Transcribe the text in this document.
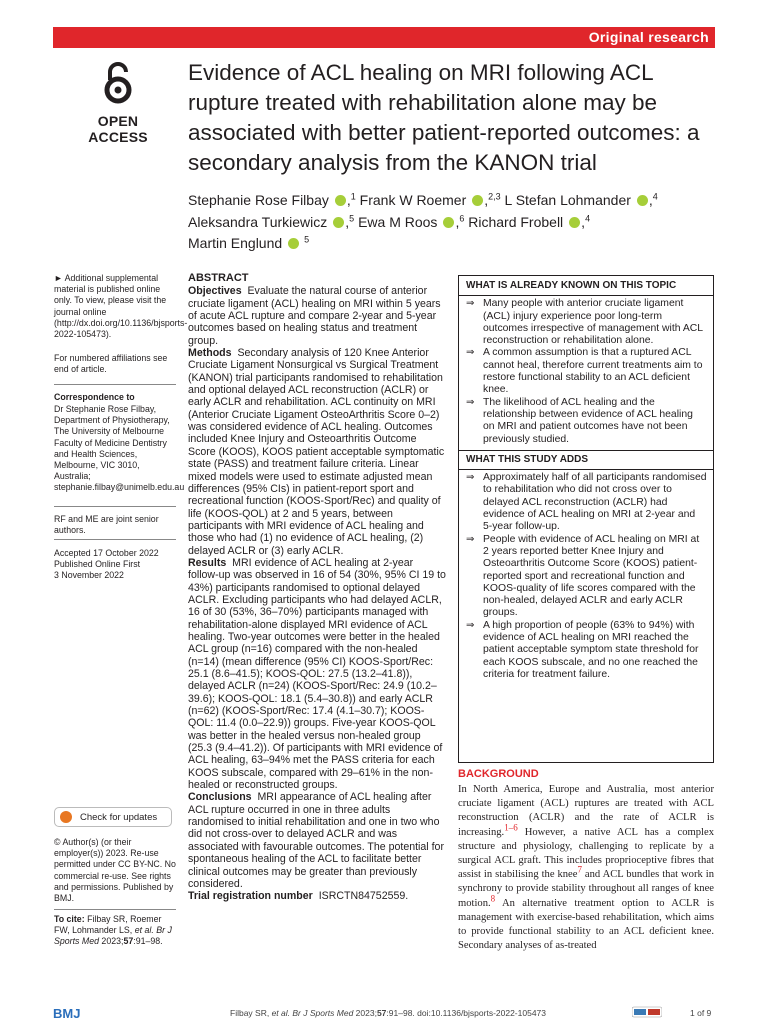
Original research
OPEN ACCESS
Evidence of ACL healing on MRI following ACL rupture treated with rehabilitation alone may be associated with better patient-reported outcomes: a secondary analysis from the KANON trial
Stephanie Rose Filbay ,$^1$ Frank W Roemer ,$^{2,3}$ L Stefan Lohmander ,$^4$
Aleksandra Turkiewicz ,$^5$ Ewa M Roos ,$^6$ Richard Frobell ,$^4$
Martin Englund $^5$
► Additional supplemental material is published online only. To view, please visit the journal online (http://dx.doi.org/10.1136/bjsports-2022-105473).
For numbered affiliations see end of article.
Correspondence to
Dr Stephanie Rose Filbay, Department of Physiotherapy, The University of Melbourne Faculty of Medicine Dentistry and Health Sciences, Melbourne, VIC 3010, Australia; stephanie.filbay@unimelb.edu.au
RF and ME are joint senior authors.
Accepted 17 October 2022
Published Online First
3 November 2022
Check for updates
© Author(s) (or their employer(s)) 2023. Re-use permitted under CC BY-NC. No commercial re-use. See rights and permissions. Published by BMJ.
To cite: Filbay SR, Roemer FW, Lohmander LS, et al. Br J Sports Med 2023;57:91–98.
ABSTRACT

Objectives Evaluate the natural course of anterior cruciate ligament (ACL) healing on MRI within 5 years of acute ACL rupture and compare 2-year and 5-year outcomes based on healing status and treatment group.

Methods Secondary analysis of 120 Knee Anterior Cruciate Ligament Nonsurgical vs Surgical Treatment (KANON) trial participants randomised to rehabilitation and optional delayed ACL reconstruction (ACLR) or early ACLR and rehabilitation. ACL continuity on MRI (Anterior Cruciate Ligament OsteoArthritis Score 0–2) was considered evidence of ACL healing. Outcomes included Knee Injury and Osteoarthritis Outcome Score (KOOS), KOOS patient acceptable symptomatic state (PASS) and treatment failure criteria. Linear mixed models were used to estimate adjusted mean differences (95% CIs) in patient-report sport and recreational function (KOOS-Sport/Rec) and quality of life (KOOS-QOL) at 2 and 5 years, between participants with MRI evidence of ACL healing and those who had (1) no evidence of ACL healing, (2) delayed ACLR or (3) early ACLR.

Results MRI evidence of ACL healing at 2-year follow-up was observed in 16 of 54 (30%, 95% CI 19 to 43%) participants randomised to optional delayed ACLR. Excluding participants who had delayed ACLR, 16 of 30 (53%, 36–70%) participants managed with rehabilitation-alone displayed MRI evidence of ACL healing. Two-year outcomes were better in the healed ACL group (n=16) compared with the non-healed (n=14) (mean difference (95% CI) KOOS-Sport/Rec: 25.1 (8.6–41.5); KOOS-QOL: 27.5 (13.2–41.8)), delayed ACLR (n=24) (KOOS-Sport/Rec: 24.9 (10.2–39.6); KOOS-QOL: 18.1 (5.4–30.8)) and early ACLR (n=62) (KOOS-Sport/Rec: 17.4 (4.1–30.7); KOOS-QOL: 11.4 (0.0–22.9)) groups. Five-year KOOS-QOL was better in the healed versus non-healed group (25.3 (9.4–41.2)). Of participants with MRI evidence of ACL healing, 63–94% met the PASS criteria for each KOOS subscale, compared with 29–61% in the non-healed or reconstructed groups.

Conclusions MRI appearance of ACL healing after ACL rupture occurred in one in three adults randomised to initial rehabilitation and one in two who did not cross-over to delayed ACLR and was associated with favourable outcomes. The potential for spontaneous healing of the ACL to facilitate better clinical outcomes may be greater than previously considered.

Trial registration number ISRCTN84752559.

WHAT IS ALREADY KNOWN ON THIS TOPIC
⇒ Many people with anterior cruciate ligament (ACL) injury experience poor long-term outcomes irrespective of management with ACL reconstruction or rehabilitation alone.
⇒ A common assumption is that a ruptured ACL cannot heal, therefore current treatments aim to restore functional stability to an ACL deficient knee.
⇒ The likelihood of ACL healing and the relationship between evidence of ACL healing on MRI and patient outcomes have not been previously studied.
WHAT THIS STUDY ADDS
⇒ Approximately half of all participants randomised to rehabilitation who did not cross over to delayed ACL reconstruction (ACLR) had evidence of ACL healing on MRI at 2-year and 5-year follow-up.
⇒ People with evidence of ACL healing on MRI at 2 years reported better Knee Injury and Osteoarthritis Outcome Score (KOOS) patient-reported sport and recreational function and KOOS-quality of life scores compared with the non-healed, delayed ACLR and early ACLR groups.
⇒ A high proportion of people (63% to 94%) with evidence of ACL healing on MRI reached the patient acceptable symptom state threshold for each KOOS subscale, and no one reached the criteria for treatment failure.
BACKGROUND
In North America, Europe and Australia, most anterior cruciate ligament (ACL) ruptures are treated with ACL reconstruction (ACLR) and the rate of ACLR is increasing.$^{1-6}$ However, a native ACL has a complex structure and physiology, challenging to replicate by a surgical ACL graft. This includes proprioceptive fibres that assist in stabilising the knee$^7$ and ACL bundles that work in synchrony to provide stability throughout all ranges of knee motion.$^8$ An alternative treatment option to ACLR is management with exercise-based rehabilitation, which aims to provide functional stability to an ACL deficient knee. Secondary analyses of as-treated
BMJ	Filbay SR, et al. Br J Sports Med 2023;57:91–98. doi:10.1136/bjsports-2022-105473	1 of 9
